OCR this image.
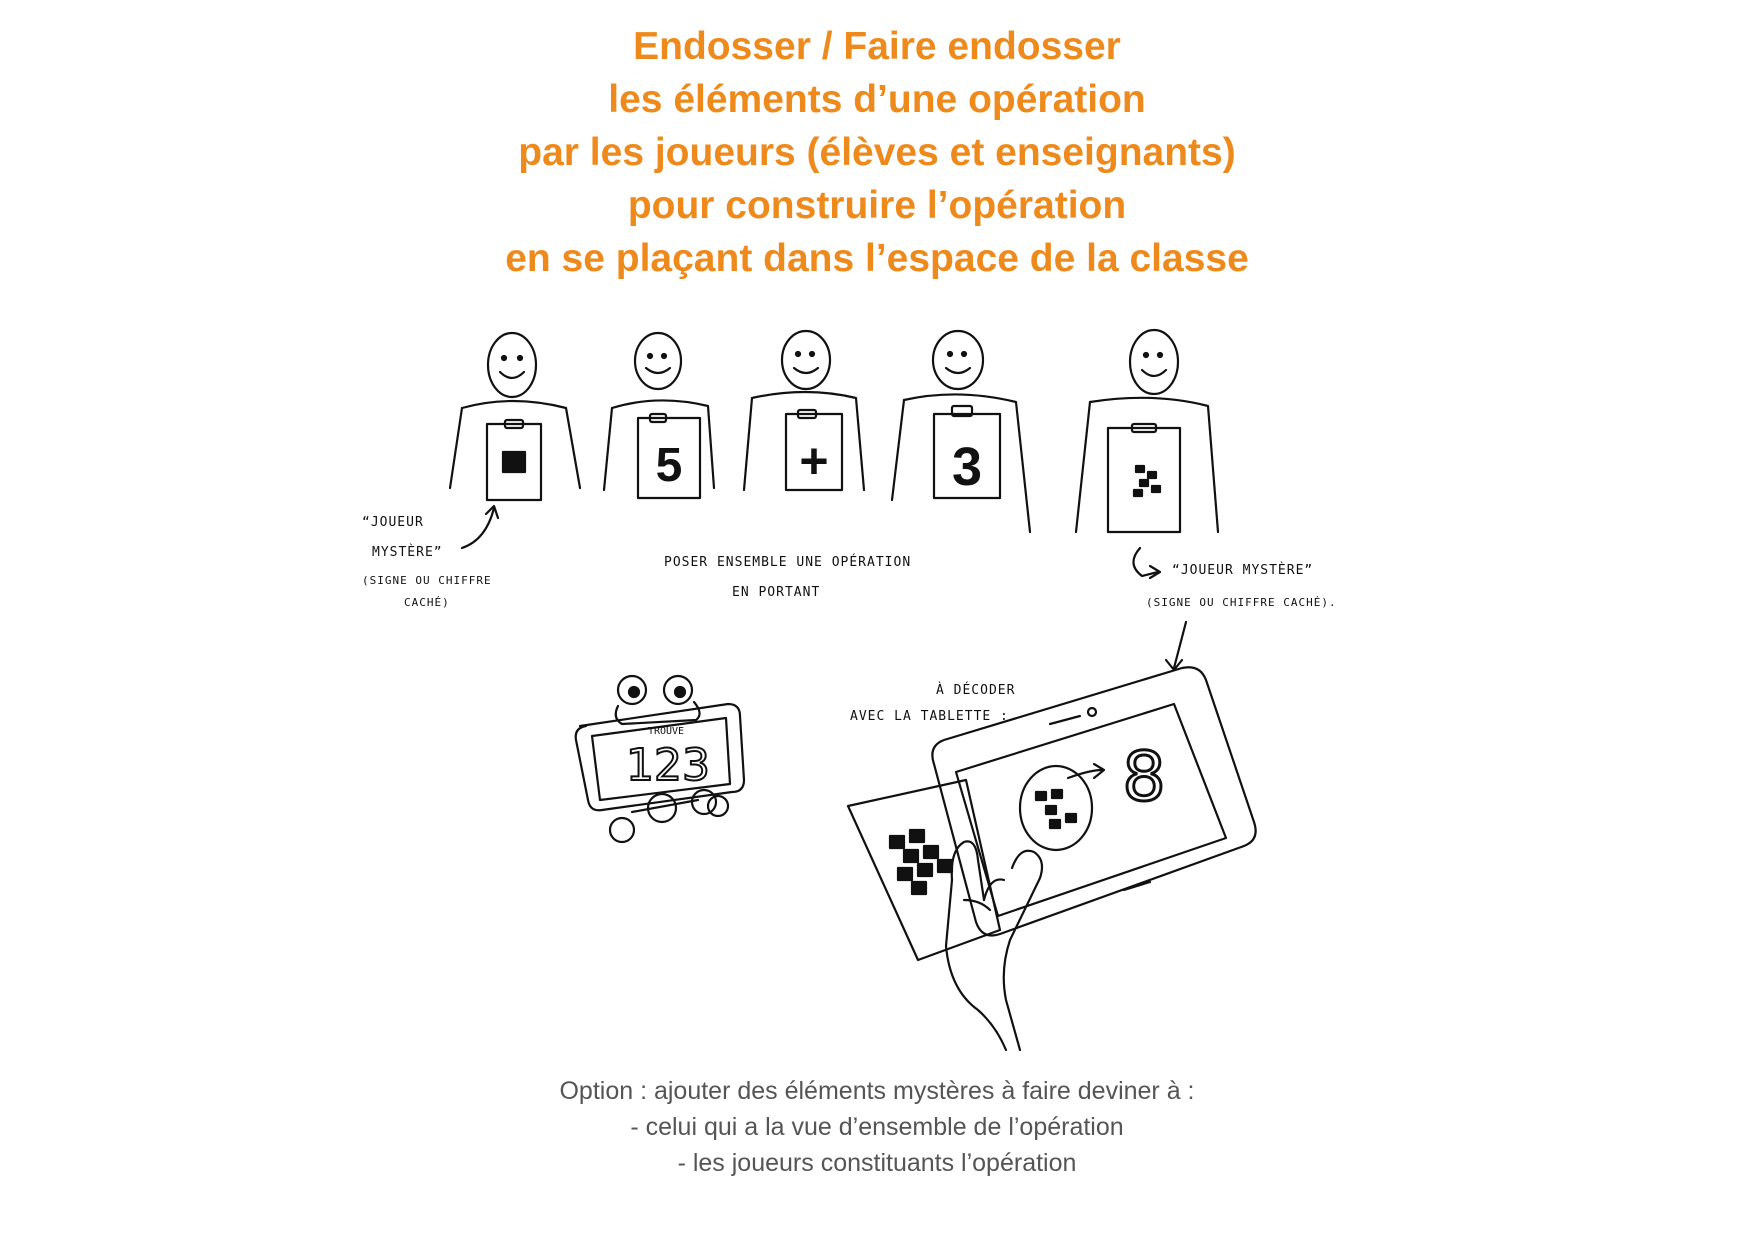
Endosser / Faire endosser
les éléments d’une opération
par les joueurs (élèves et enseignants)
pour construire l’opération
en se plaçant dans l’espace de la classe
5 + 3
“JOUEUR MYSTÈRE” (SIGNE OU CHIFFRE CACHÉ)
POSER ENSEMBLE UNE OPÉRATION EN PORTANT
“JOUEUR MYSTÈRE” (SIGNE OU CHIFFRE CACHÉ).
À DÉCODER AVEC LA TABLETTE :
TROUVE
123	8
Option : ajouter des éléments mystères à faire deviner à :
- celui qui a la vue d’ensemble de l’opération
- les joueurs constituants l’opération
